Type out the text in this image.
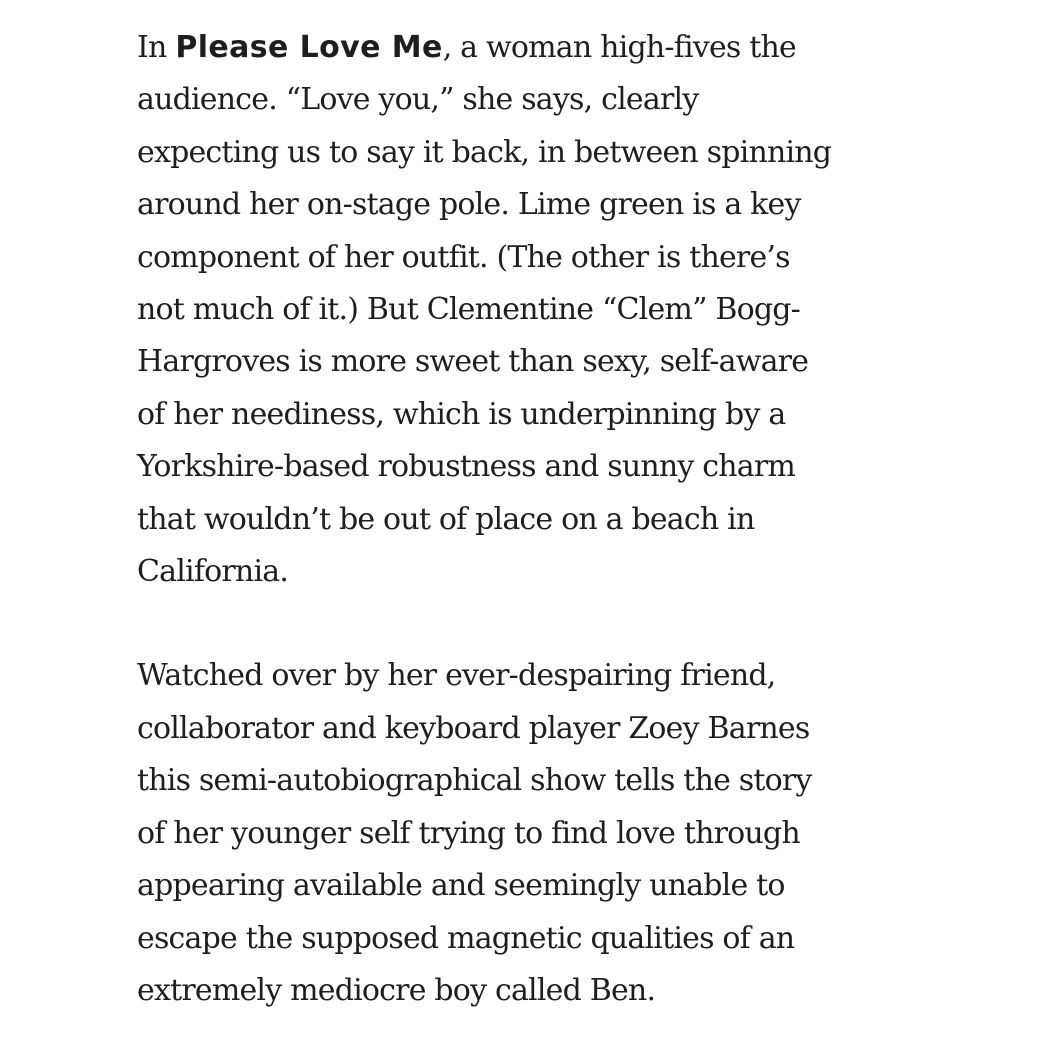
In Please Love Me, a woman high-fives the
audience. “Love you,” she says, clearly
expecting us to say it back, in between spinning
around her on-stage pole. Lime green is a key
component of her outfit. (The other is there’s
not much of it.) But Clementine “Clem” Bogg-
Hargroves is more sweet than sexy, self-aware
of her neediness, which is underpinning by a
Yorkshire-based robustness and sunny charm
that wouldn’t be out of place on a beach in
California.

Watched over by her ever-despairing friend,
collaborator and keyboard player Zoey Barnes
this semi-autobiographical show tells the story
of her younger self trying to find love through
appearing available and seemingly unable to
escape the supposed magnetic qualities of an
extremely mediocre boy called Ben.
